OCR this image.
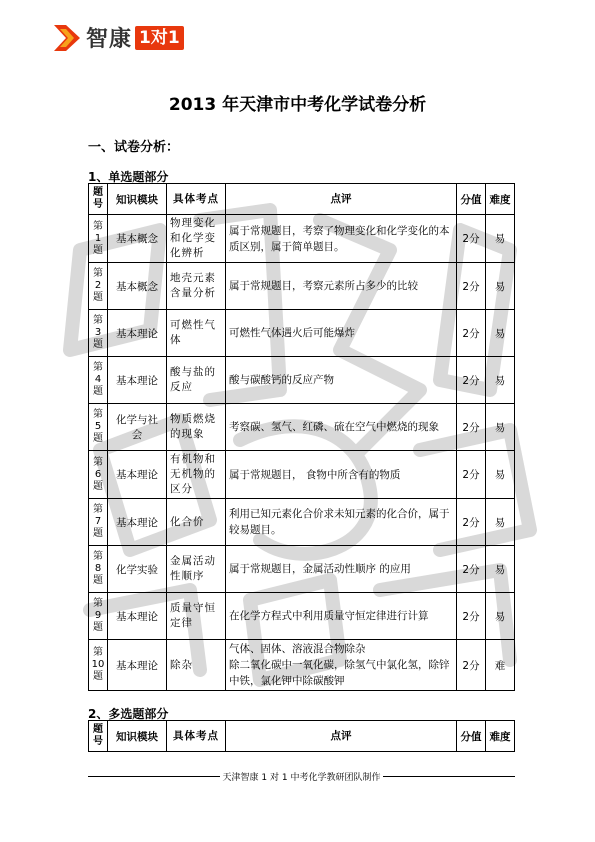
智康 1对1
2013 年天津市中考化学试卷分析
一、试卷分析：
1、单选题部分
题号	知识模块	具体考点	点评	分值	难度
第1题	基本概念	物理变化和化学变化辨析	属于常规题目，考察了物理变化和化学变化的本质区别，属于简单题目。	2分	易
第2题	基本概念	地壳元素含量分析	属于常规题目，考察元素所占多少的比较	2分	易
第3题	基本理论	可燃性气体	可燃性气体遇火后可能爆炸	2分	易
第4题	基本理论	酸与盐的反应	酸与碳酸钙的反应产物	2分	易
第5题	化学与社会	物质燃烧的现象	考察碳、氢气、红磷、硫在空气中燃烧的现象	2分	易
第6题	基本理论	有机物和无机物的区分	属于常规题目， 食物中所含有的物质	2分	易
第7题	基本理论	化合价	利用已知元素化合价求未知元素的化合价，属于较易题目。	2分	易
第8题	化学实验	金属活动性顺序	属于常规题目，金属活动性顺序 的应用	2分	易
第9题	基本理论	质量守恒定律	在化学方程式中利用质量守恒定律进行计算	2分	易
第10题	基本理论	除杂	气体、固体、溶液混合物除杂
除二氧化碳中一氧化碳，除氢气中氯化氢，除锌中铁，氯化钾中除碳酸钾	2分	难
2、多选题部分
题号	知识模块	具体考点	点评	分值	难度
天津智康 1 对 1 中考化学教研团队制作
